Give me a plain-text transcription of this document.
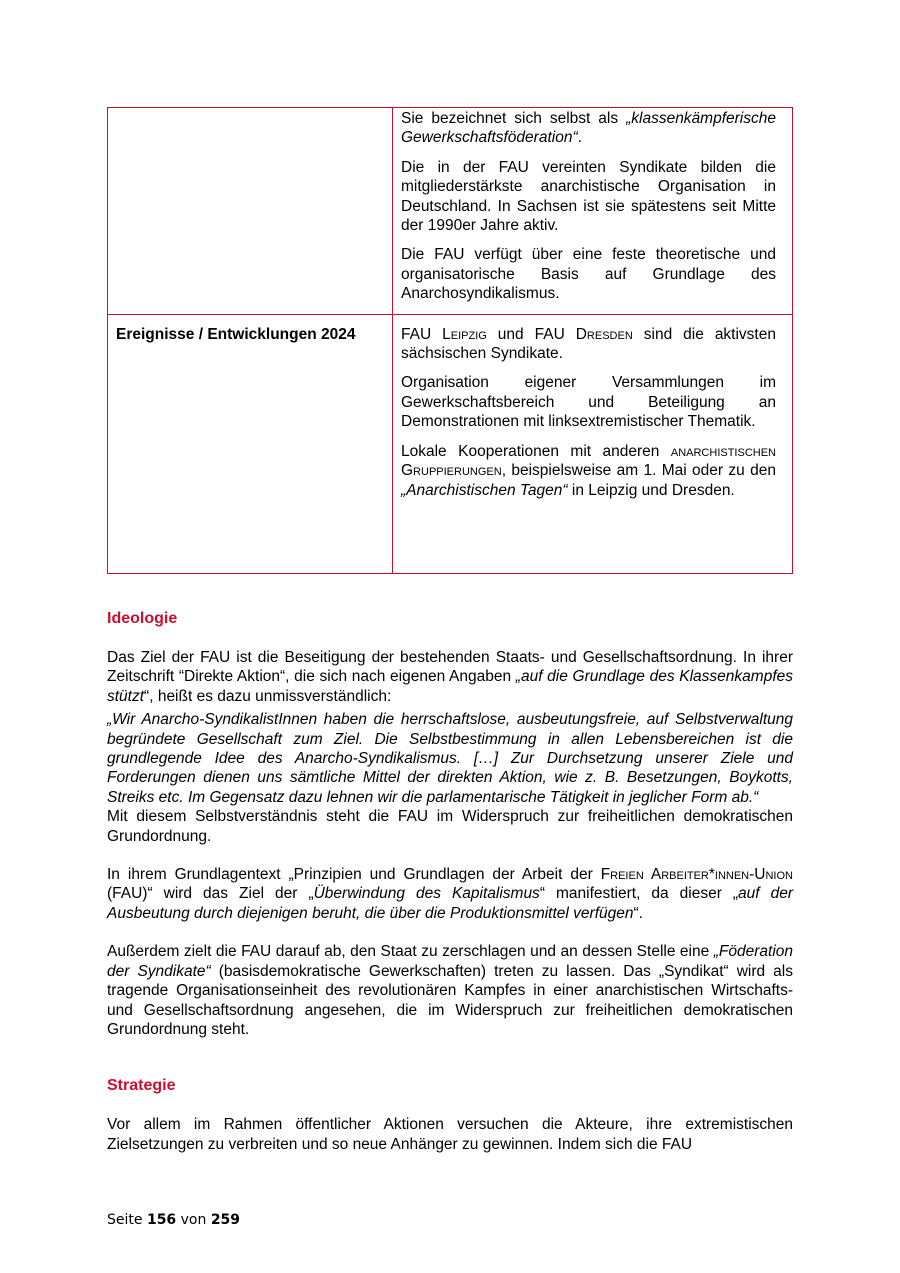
	Sie bezeichnet sich selbst als „klassenkämpferische Gewerkschaftsföderation“.

Die in der FAU vereinten Syndikate bilden die mitgliederstärkste anarchistische Organisation in Deutschland. In Sachsen ist sie spätestens seit Mitte der 1990er Jahre aktiv.

Die FAU verfügt über eine feste theoretische und organisatorische Basis auf Grundlage des Anarchosyndikalismus.

Ereignisse / Entwicklungen 2024	FAU Leipzig und FAU Dresden sind die aktivsten sächsischen Syndikate.

Organisation eigener Versammlungen im Gewerkschaftsbereich und Beteiligung an Demonstrationen mit linksextremistischer Thematik.

Lokale Kooperationen mit anderen anarchistischen Gruppierungen, beispielsweise am 1. Mai oder zu den „Anarchistischen Tagen“ in Leipzig und Dresden.

Ideologie

Das Ziel der FAU ist die Beseitigung der bestehenden Staats- und Gesellschaftsordnung. In ihrer Zeitschrift “Direkte Aktion“, die sich nach eigenen Angaben „auf die Grundlage des Klassenkampfes stützt“, heißt es dazu unmissverständlich:

„Wir Anarcho-SyndikalistInnen haben die herrschaftslose, ausbeutungsfreie, auf Selbstverwaltung begründete Gesellschaft zum Ziel. Die Selbstbestimmung in allen Lebensbereichen ist die grundlegende Idee des Anarcho-Syndikalismus. […] Zur Durchsetzung unserer Ziele und Forderungen dienen uns sämtliche Mittel der direkten Aktion, wie z. B. Besetzungen, Boykotts, Streiks etc. Im Gegensatz dazu lehnen wir die parlamentarische Tätigkeit in jeglicher Form ab.“

Mit diesem Selbstverständnis steht die FAU im Widerspruch zur freiheitlichen demokratischen Grundordnung.

In ihrem Grundlagentext „Prinzipien und Grundlagen der Arbeit der Freien Arbeiter*innen-Union (FAU)“ wird das Ziel der „Überwindung des Kapitalismus“ manifestiert, da dieser „auf der Ausbeutung durch diejenigen beruht, die über die Produktionsmittel verfügen“.

Außerdem zielt die FAU darauf ab, den Staat zu zerschlagen und an dessen Stelle eine „Föderation der Syndikate“ (basisdemokratische Gewerkschaften) treten zu lassen. Das „Syndikat“ wird als tragende Organisationseinheit des revolutionären Kampfes in einer anarchistischen Wirtschafts- und Gesellschaftsordnung angesehen, die im Widerspruch zur freiheitlichen demokratischen Grundordnung steht.

Strategie

Vor allem im Rahmen öffentlicher Aktionen versuchen die Akteure, ihre extremistischen Zielsetzungen zu verbreiten und so neue Anhänger zu gewinnen. Indem sich die FAU

Seite 156 von 259
